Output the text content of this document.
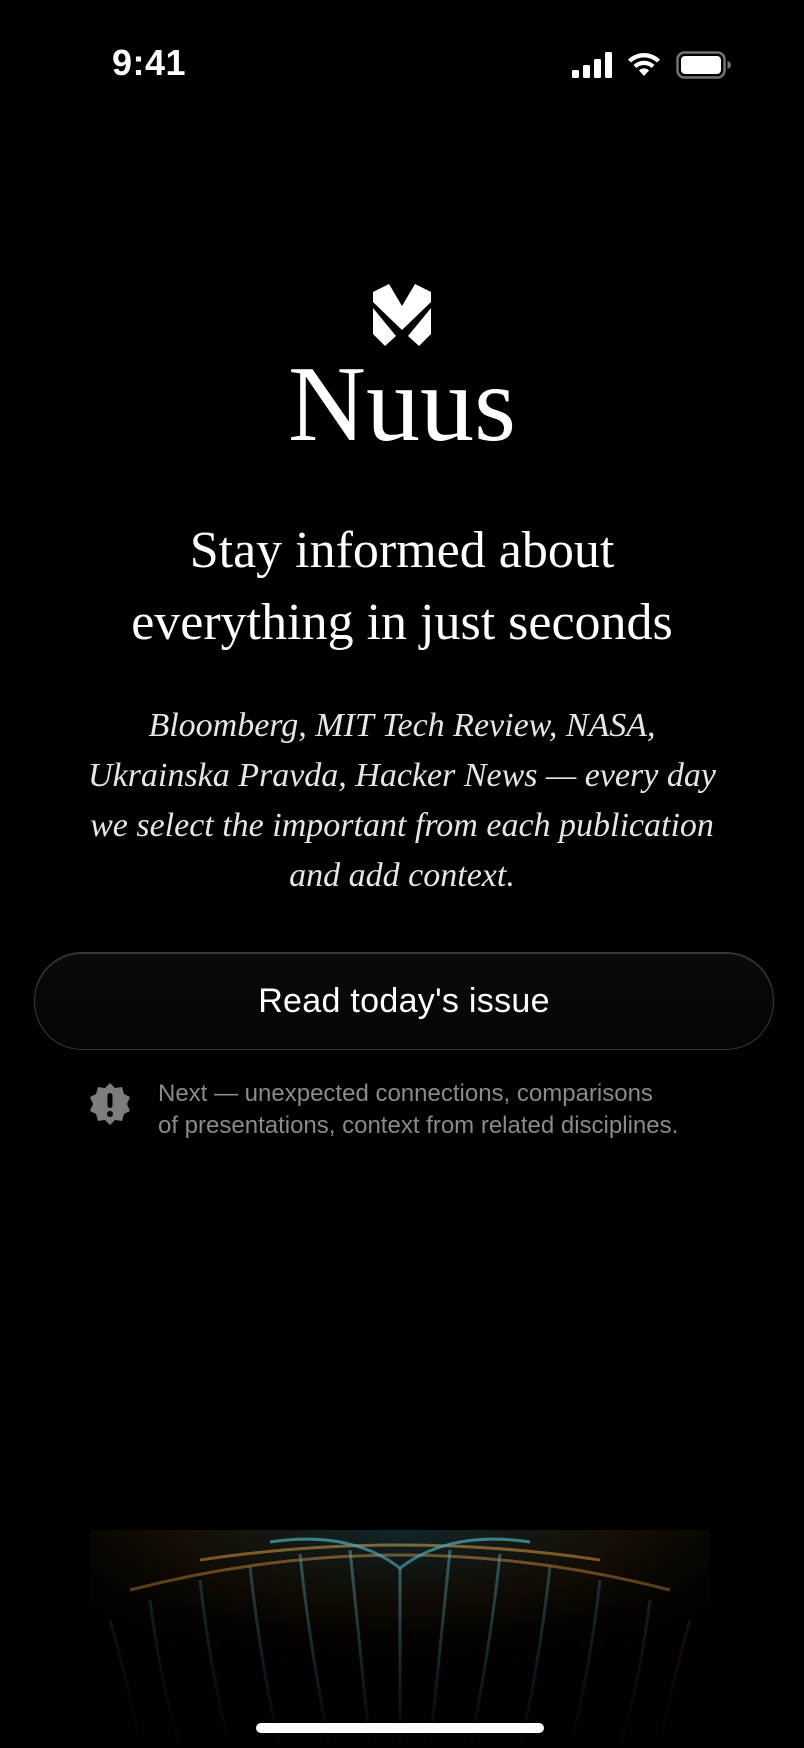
9:41
Nuus
Stay informed about
everything in just seconds
Bloomberg, MIT Tech Review, NASA,
Ukrainska Pravda, Hacker News — every day
we select the important from each publication
and add context.
Read today's issue
Next — unexpected connections, comparisons
of presentations, context from related disciplines.
